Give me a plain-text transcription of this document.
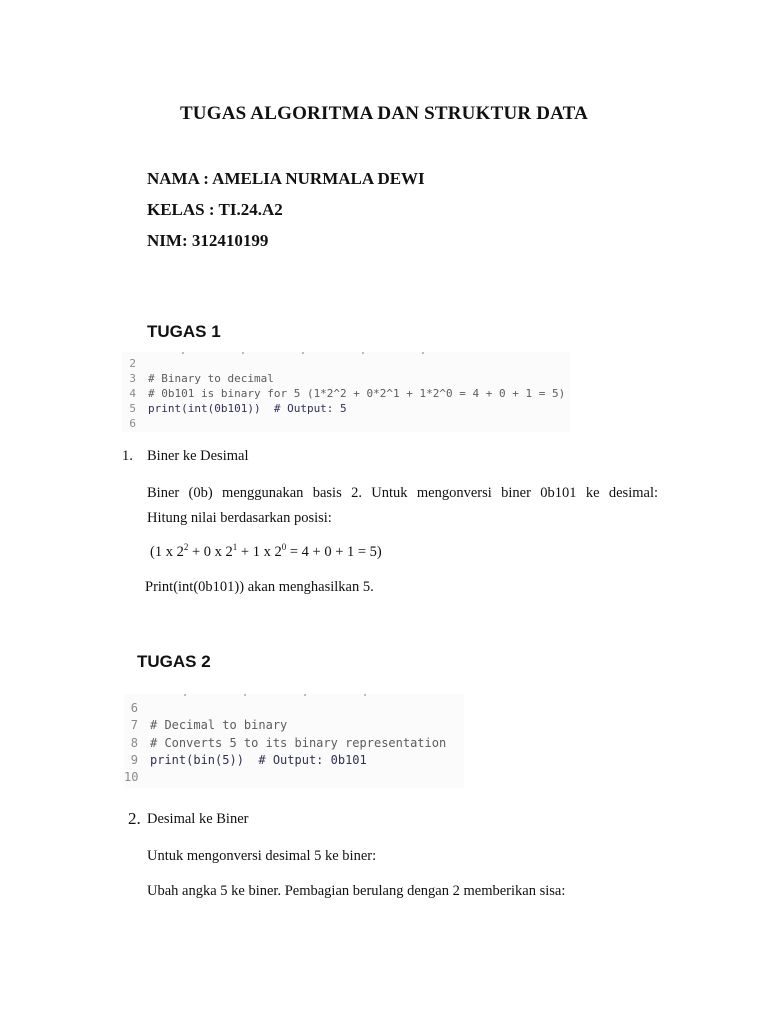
TUGAS ALGORITMA DAN STRUKTUR DATA
NAMA : AMELIA NURMALA DEWI
KELAS : TI.24.A2
NIM: 312410199
TUGAS 1
2
3 # Binary to decimal
4 # 0b101 is binary for 5 (1*2^2 + 0*2^1 + 1*2^0 = 4 + 0 + 1 = 5)
5 print(int(0b101))  # Output: 5
6
1. Biner ke Desimal
Biner (0b) menggunakan basis 2. Untuk mengonversi biner 0b101 ke desimal:
Hitung nilai berdasarkan posisi:
(1 x $2^2 + 0$ x $2^1 + 1$ x $2^0 = 4 + 0 + 1 = 5$)
Print(int(0b101)) akan menghasilkan 5.
TUGAS 2
6
7 # Decimal to binary
8 # Converts 5 to its binary representation
9 print(bin(5))  # Output: 0b101
10
2. Desimal ke Biner
Untuk mengonversi desimal 5 ke biner:
Ubah angka 5 ke biner. Pembagian berulang dengan 2 memberikan sisa:
